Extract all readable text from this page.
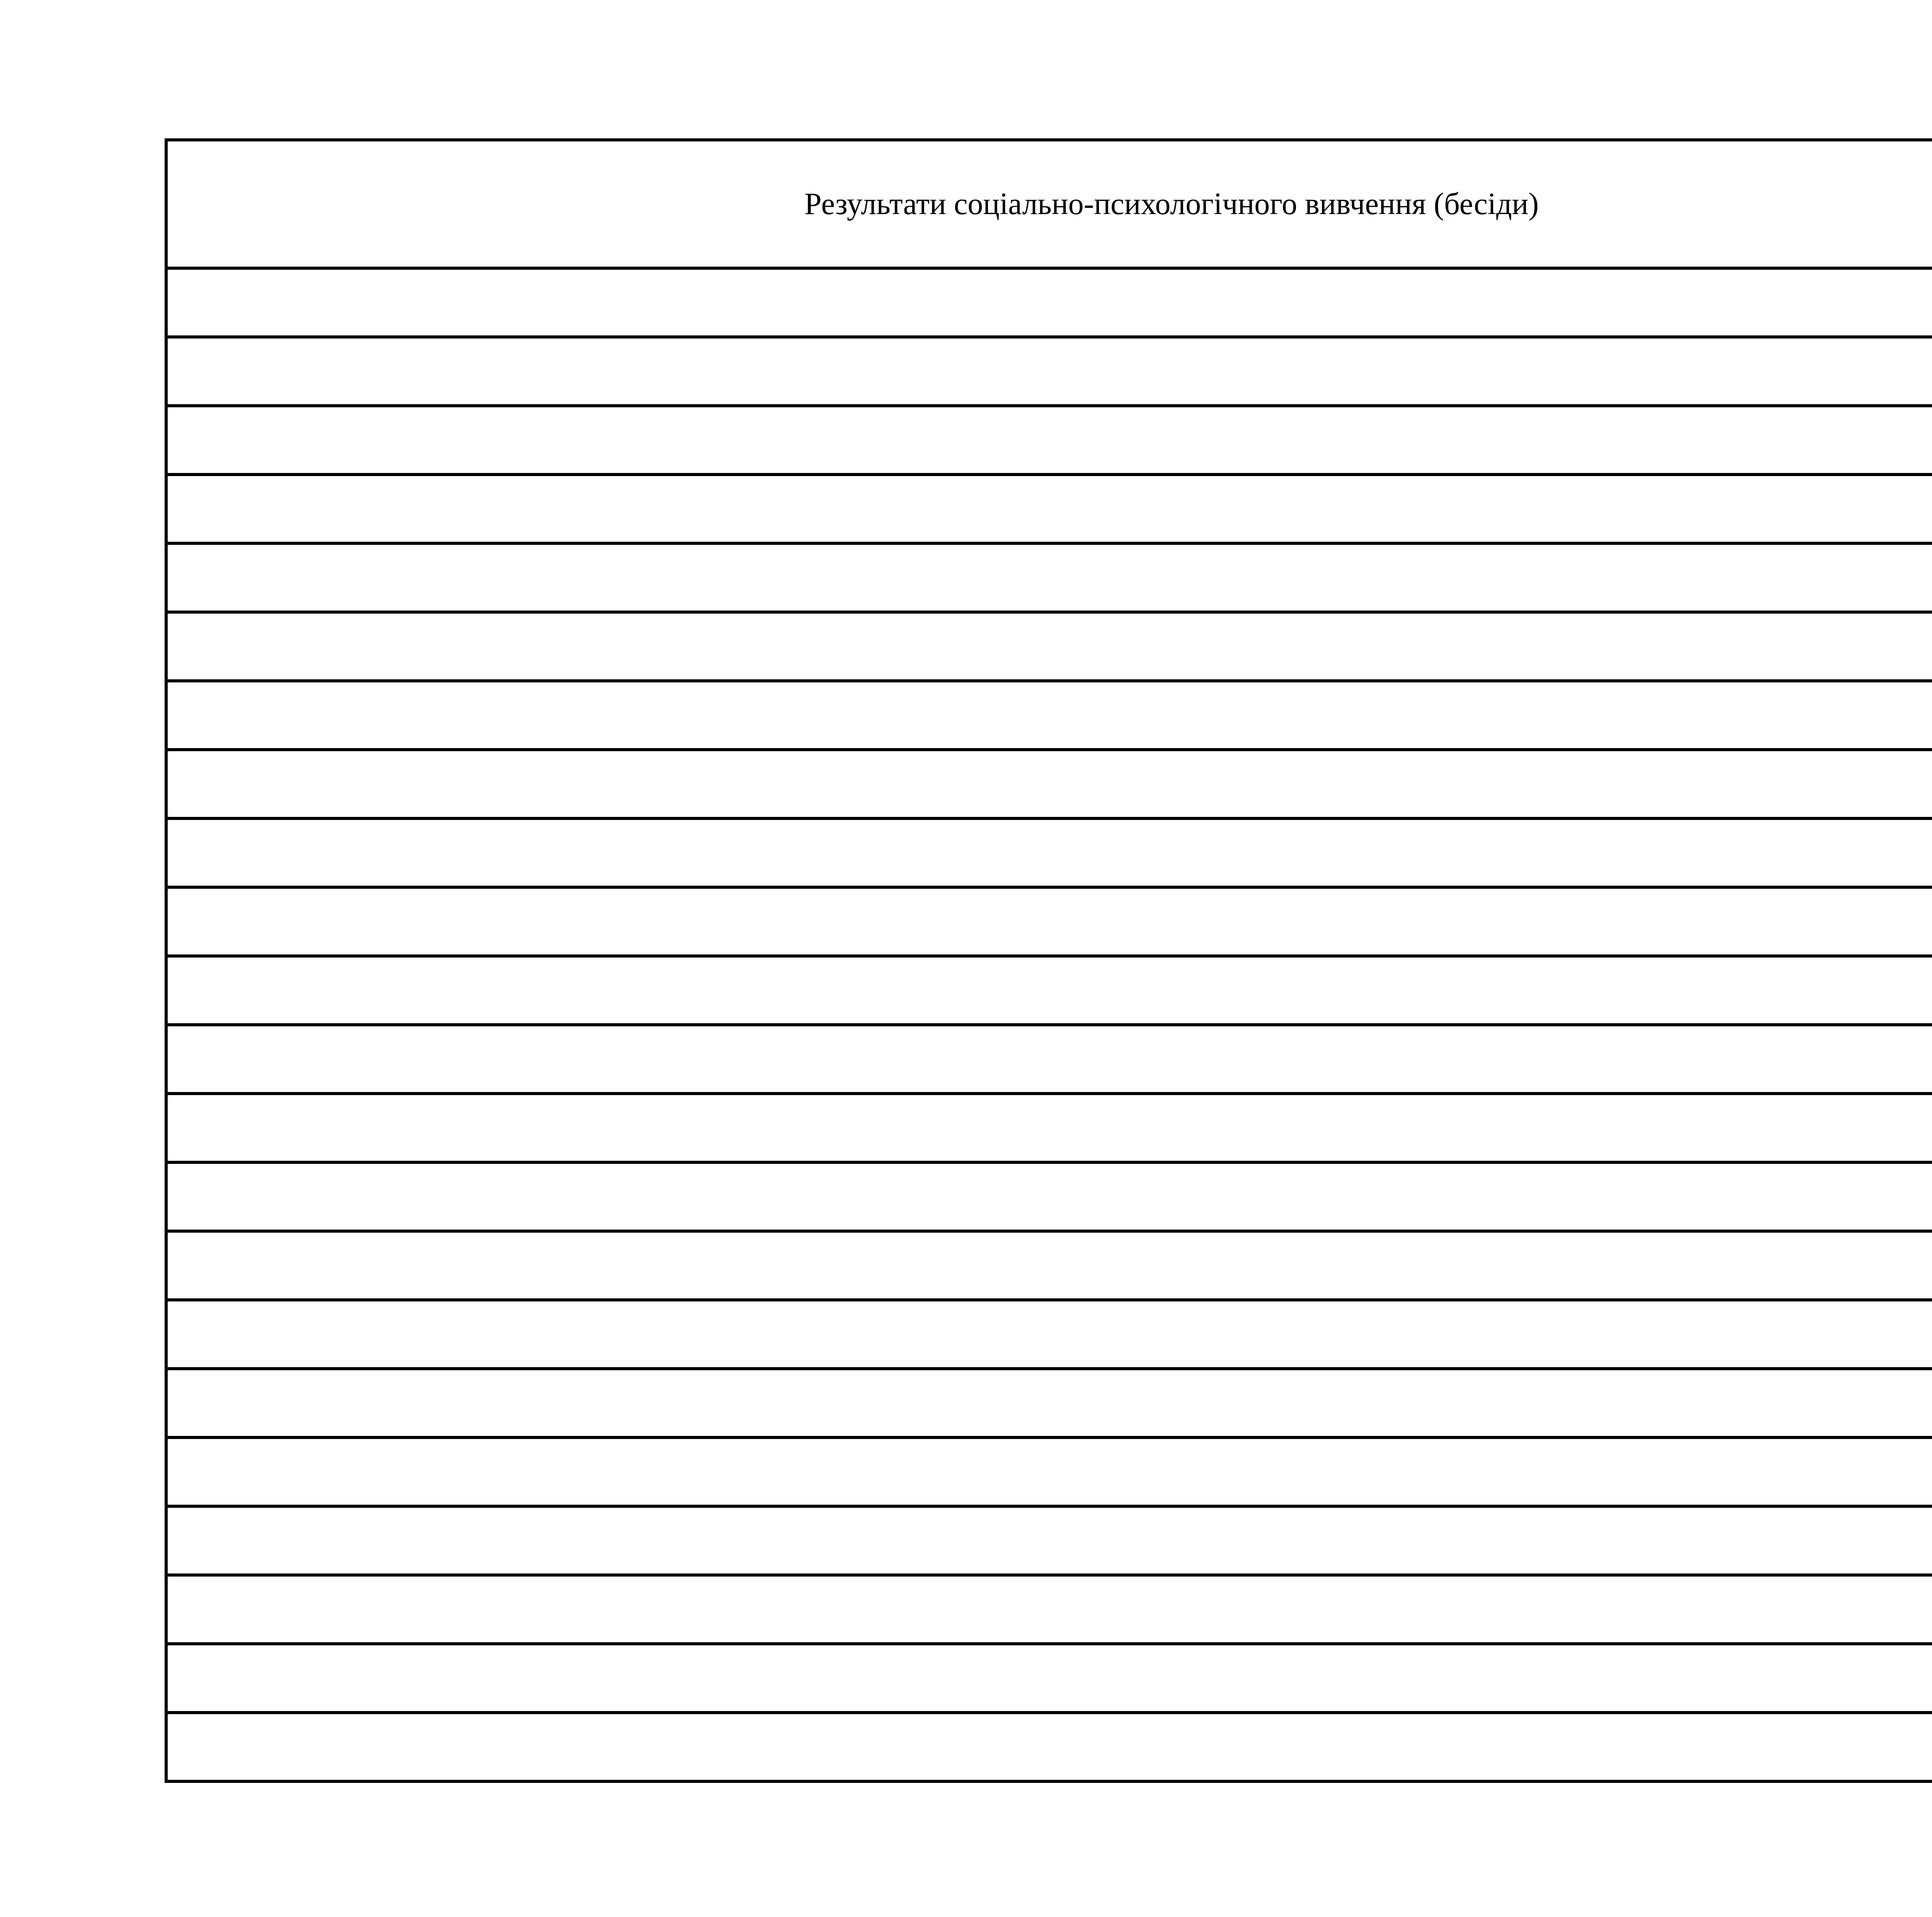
Результати соціально-психологічного вивчення (бесіди)	
